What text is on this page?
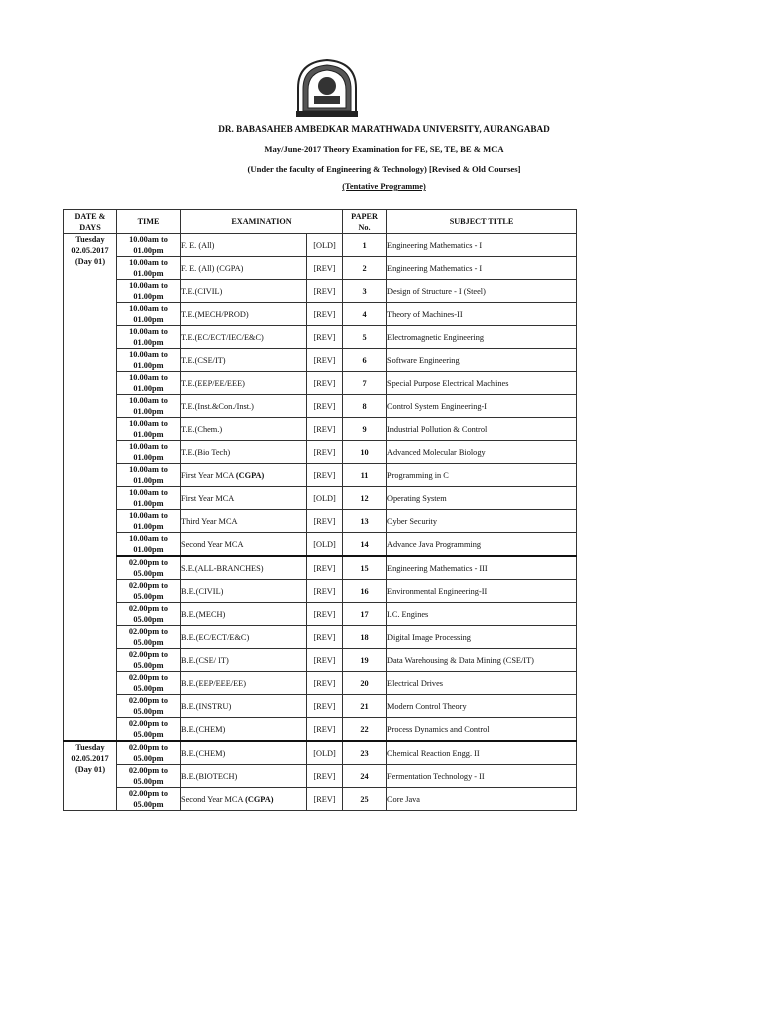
DR. BABASAHEB AMBEDKAR MARATHWADA UNIVERSITY, AURANGABAD
May/June-2017 Theory Examination for FE, SE, TE, BE & MCA
(Under the faculty of Engineering & Technology) [Revised & Old Courses]
(Tentative Programme)
DATE &
DAYS	TIME	EXAMINATION		PAPER
No.	SUBJECT TITLE
Tuesday
02.05.2017
(Day 01)	10.00am to
01.00pm	F. E. (All)	[OLD]	1	Engineering Mathematics - I
	10.00am to
01.00pm	F. E. (All) (CGPA)	[REV]	2	Engineering Mathematics - I
	10.00am to
01.00pm	T.E.(CIVIL)	[REV]	3	Design of Structure - I (Steel)
	10.00am to
01.00pm	T.E.(MECH/PROD)	[REV]	4	Theory of Machines-II
	10.00am to
01.00pm	T.E.(EC/ECT/IEC/E&C)	[REV]	5	Electromagnetic Engineering
	10.00am to
01.00pm	T.E.(CSE/IT)	[REV]	6	Software Engineering
	10.00am to
01.00pm	T.E.(EEP/EE/EEE)	[REV]	7	Special Purpose Electrical Machines
	10.00am to
01.00pm	T.E.(Inst.&Con./Inst.)	[REV]	8	Control System Engineering-I
	10.00am to
01.00pm	T.E.(Chem.)	[REV]	9	Industrial Pollution & Control
	10.00am to
01.00pm	T.E.(Bio Tech)	[REV]	10	Advanced Molecular Biology
	10.00am to
01.00pm	First Year MCA (CGPA)	[REV]	11	Programming in C
	10.00am to
01.00pm	First Year MCA	[OLD]	12	Operating System
	10.00am to
01.00pm	Third Year MCA	[REV]	13	Cyber Security
	10.00am to
01.00pm	Second Year MCA	[OLD]	14	Advance Java Programming
	02.00pm to
05.00pm	S.E.(ALL-BRANCHES)	[REV]	15	Engineering Mathematics - III
	02.00pm to
05.00pm	B.E.(CIVIL)	[REV]	16	Environmental Engineering-II
	02.00pm to
05.00pm	B.E.(MECH)	[REV]	17	I.C. Engines
	02.00pm to
05.00pm	B.E.(EC/ECT/E&C)	[REV]	18	Digital Image Processing
	02.00pm to
05.00pm	B.E.(CSE/ IT)	[REV]	19	Data Warehousing & Data Mining (CSE/IT)
	02.00pm to
05.00pm	B.E.(EEP/EEE/EE)	[REV]	20	Electrical Drives
	02.00pm to
05.00pm	B.E.(INSTRU)	[REV]	21	Modern Control Theory
	02.00pm to
05.00pm	B.E.(CHEM)	[REV]	22	Process Dynamics and Control
Tuesday
02.05.2017
(Day 01)	02.00pm to
05.00pm	B.E.(CHEM)	[OLD]	23	Chemical Reaction Engg. II
	02.00pm to
05.00pm	B.E.(BIOTECH)	[REV]	24	Fermentation Technology - II
	02.00pm to
05.00pm	Second Year MCA (CGPA)	[REV]	25	Core Java
